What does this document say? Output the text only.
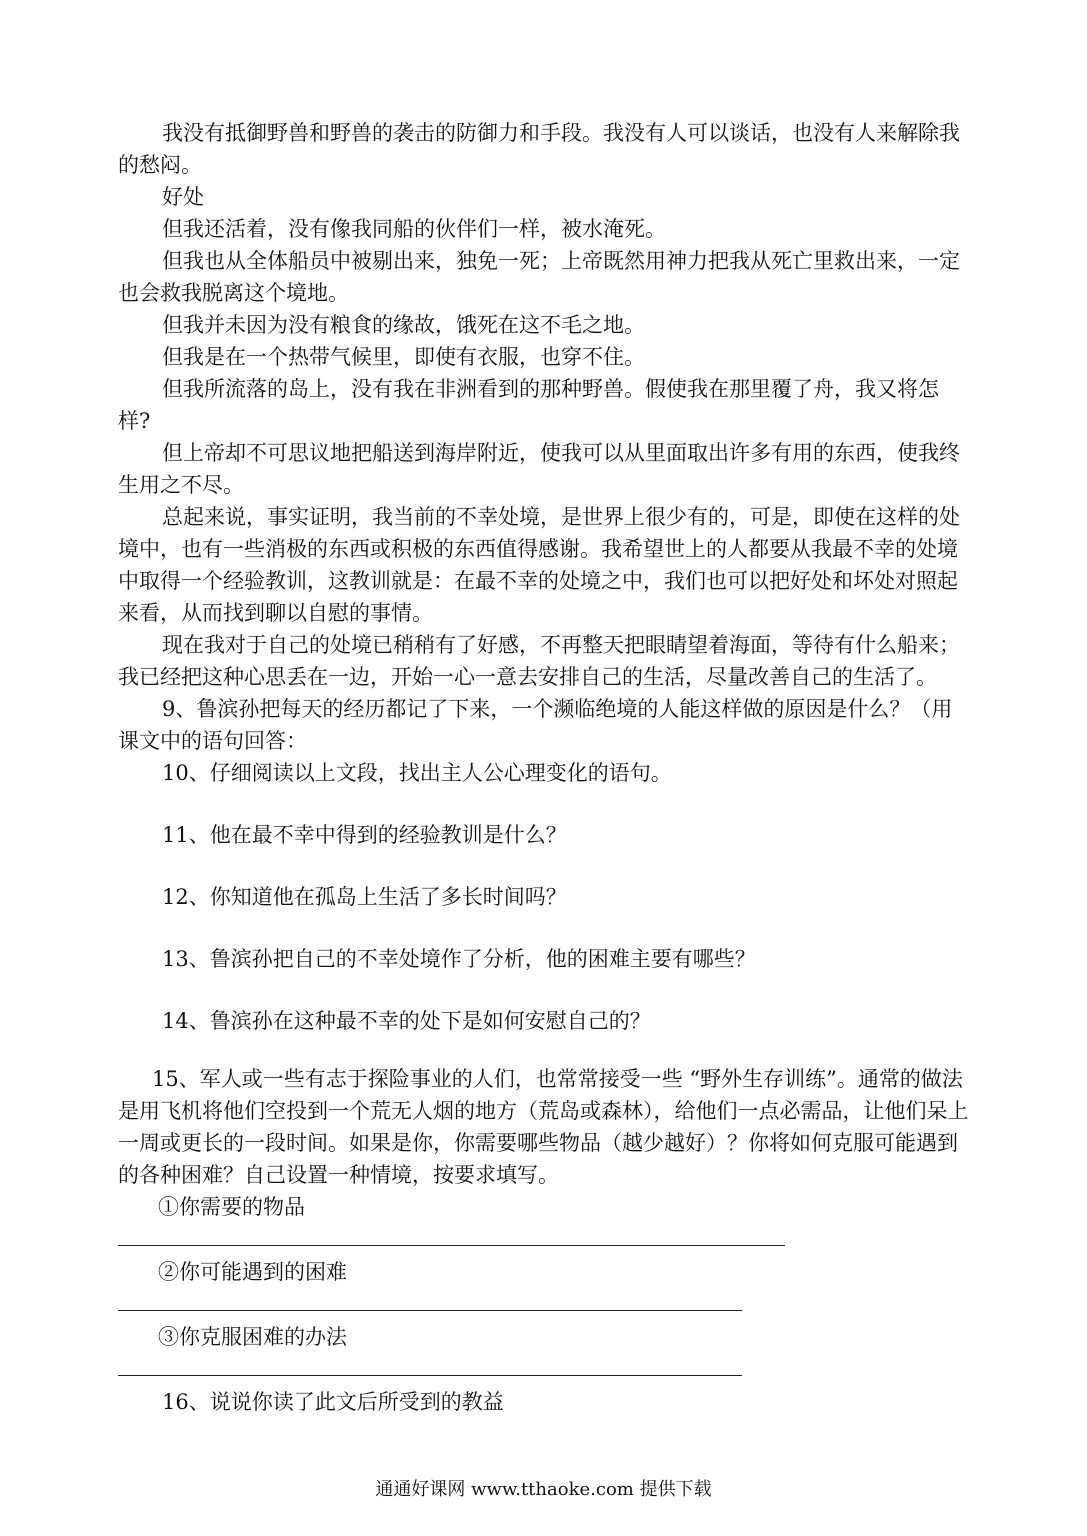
我没有抵御野兽和野兽的袭击的防御力和手段。我没有人可以谈话，也没有人来解除我的愁闷。

好处

但我还活着，没有像我同船的伙伴们一样，被水淹死。

但我也从全体船员中被剔出来，独免一死；上帝既然用神力把我从死亡里救出来，一定也会救我脱离这个境地。

但我并未因为没有粮食的缘故，饿死在这不毛之地。

但我是在一个热带气候里，即使有衣服，也穿不住。

但我所流落的岛上，没有我在非洲看到的那种野兽。假使我在那里覆了舟，我又将怎样?

但上帝却不可思议地把船送到海岸附近，使我可以从里面取出许多有用的东西，使我终生用之不尽。

总起来说，事实证明，我当前的不幸处境，是世界上很少有的，可是，即使在这样的处境中，也有一些消极的东西或积极的东西值得感谢。我希望世上的人都要从我最不幸的处境中取得一个经验教训，这教训就是：在最不幸的处境之中，我们也可以把好处和坏处对照起来看，从而找到聊以自慰的事情。

现在我对于自己的处境已稍稍有了好感，不再整天把眼睛望着海面，等待有什么船来；我已经把这种心思丢在一边，开始一心一意去安排自己的生活，尽量改善自己的生活了。

9、鲁滨孙把每天的经历都记了下来，一个濒临绝境的人能这样做的原因是什么？（用课文中的语句回答：

10、仔细阅读以上文段，找出主人公心理变化的语句。

11、他在最不幸中得到的经验教训是什么？

12、你知道他在孤岛上生活了多长时间吗？

13、鲁滨孙把自己的不幸处境作了分析，他的困难主要有哪些？

14、鲁滨孙在这种最不幸的处下是如何安慰自己的？

15、军人或一些有志于探险事业的人们，也常常接受一些 “野外生存训练”。通常的做法是用飞机将他们空投到一个荒无人烟的地方（荒岛或森林），给他们一点必需品，让他们呆上一周或更长的一段时间。如果是你，你需要哪些物品（越少越好）？你将如何克服可能遇到的各种困难？自己设置一种情境，按要求填写。

①你需要的物品

②你可能遇到的困难

③你克服困难的办法

16、说说你读了此文后所受到的教益

通通好课网 www.tthaoke.com 提供下载
